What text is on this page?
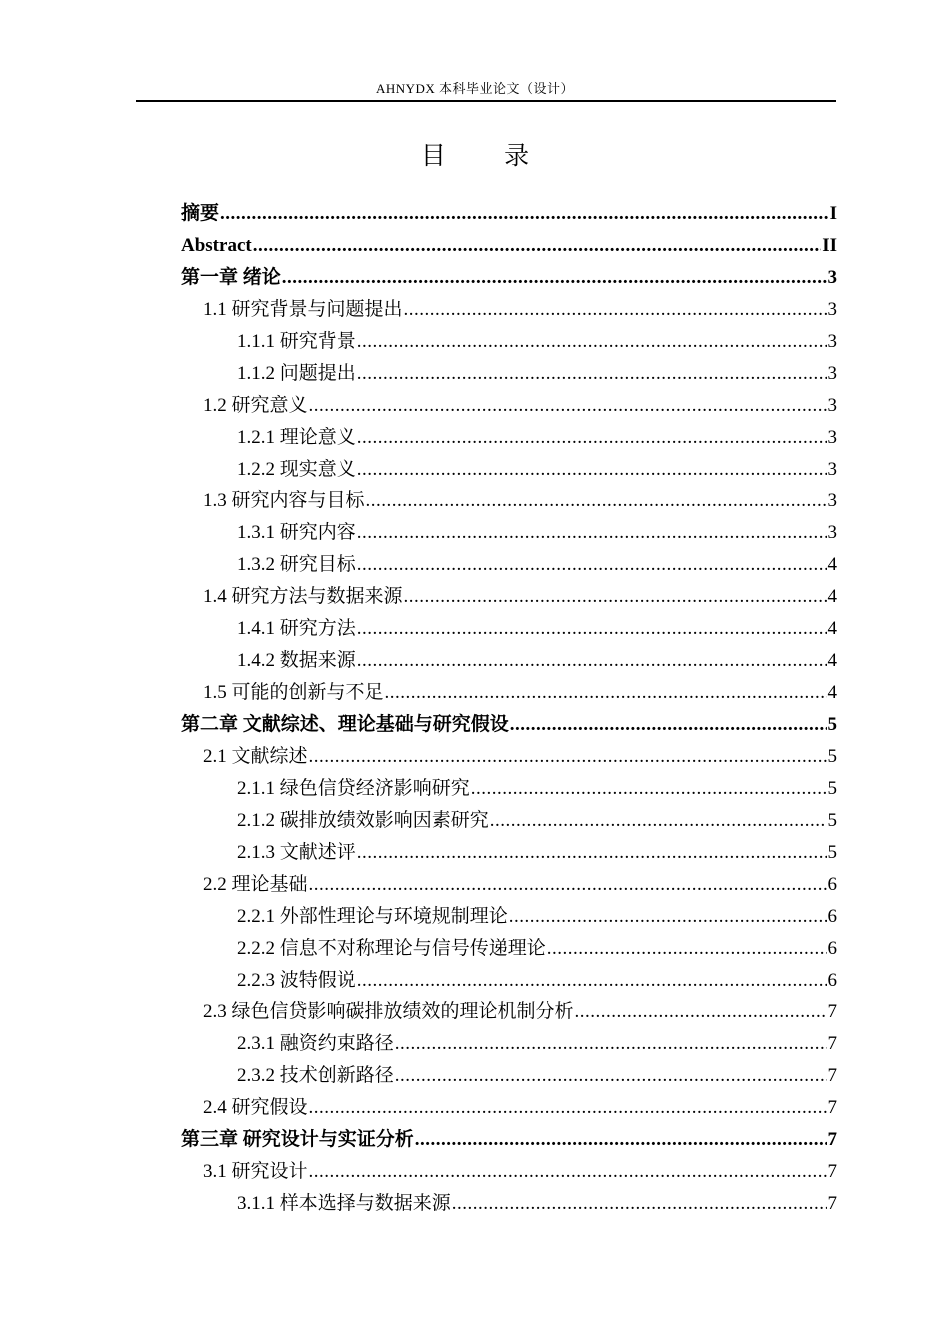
AHNYDX 本科毕业论文（设计）
目 录
摘要 .....	I
Abstract .....	II
第一章 绪论 .....	3
1.1 研究背景与问题提出 .....	3
1.1.1 研究背景 .....	3
1.1.2 问题提出 .....	3
1.2 研究意义 .....	3
1.2.1 理论意义 .....	3
1.2.2 现实意义 .....	3
1.3 研究内容与目标 .....	3
1.3.1 研究内容 .....	3
1.3.2 研究目标 .....	4
1.4 研究方法与数据来源 .....	4
1.4.1 研究方法 .....	4
1.4.2 数据来源 .....	4
1.5 可能的创新与不足 .....	4
第二章 文献综述、理论基础与研究假设 .....	5
2.1 文献综述 .....	5
2.1.1 绿色信贷经济影响研究 .....	5
2.1.2 碳排放绩效影响因素研究 .....	5
2.1.3 文献述评 .....	5
2.2 理论基础 .....	6
2.2.1 外部性理论与环境规制理论 .....	6
2.2.2 信息不对称理论与信号传递理论 .....	6
2.2.3 波特假说 .....	6
2.3 绿色信贷影响碳排放绩效的理论机制分析 .....	7
2.3.1 融资约束路径 .....	7
2.3.2 技术创新路径 .....	7
2.4 研究假设 .....	7
第三章 研究设计与实证分析 .....	7
3.1 研究设计 .....	7
3.1.1 样本选择与数据来源 .....	7
